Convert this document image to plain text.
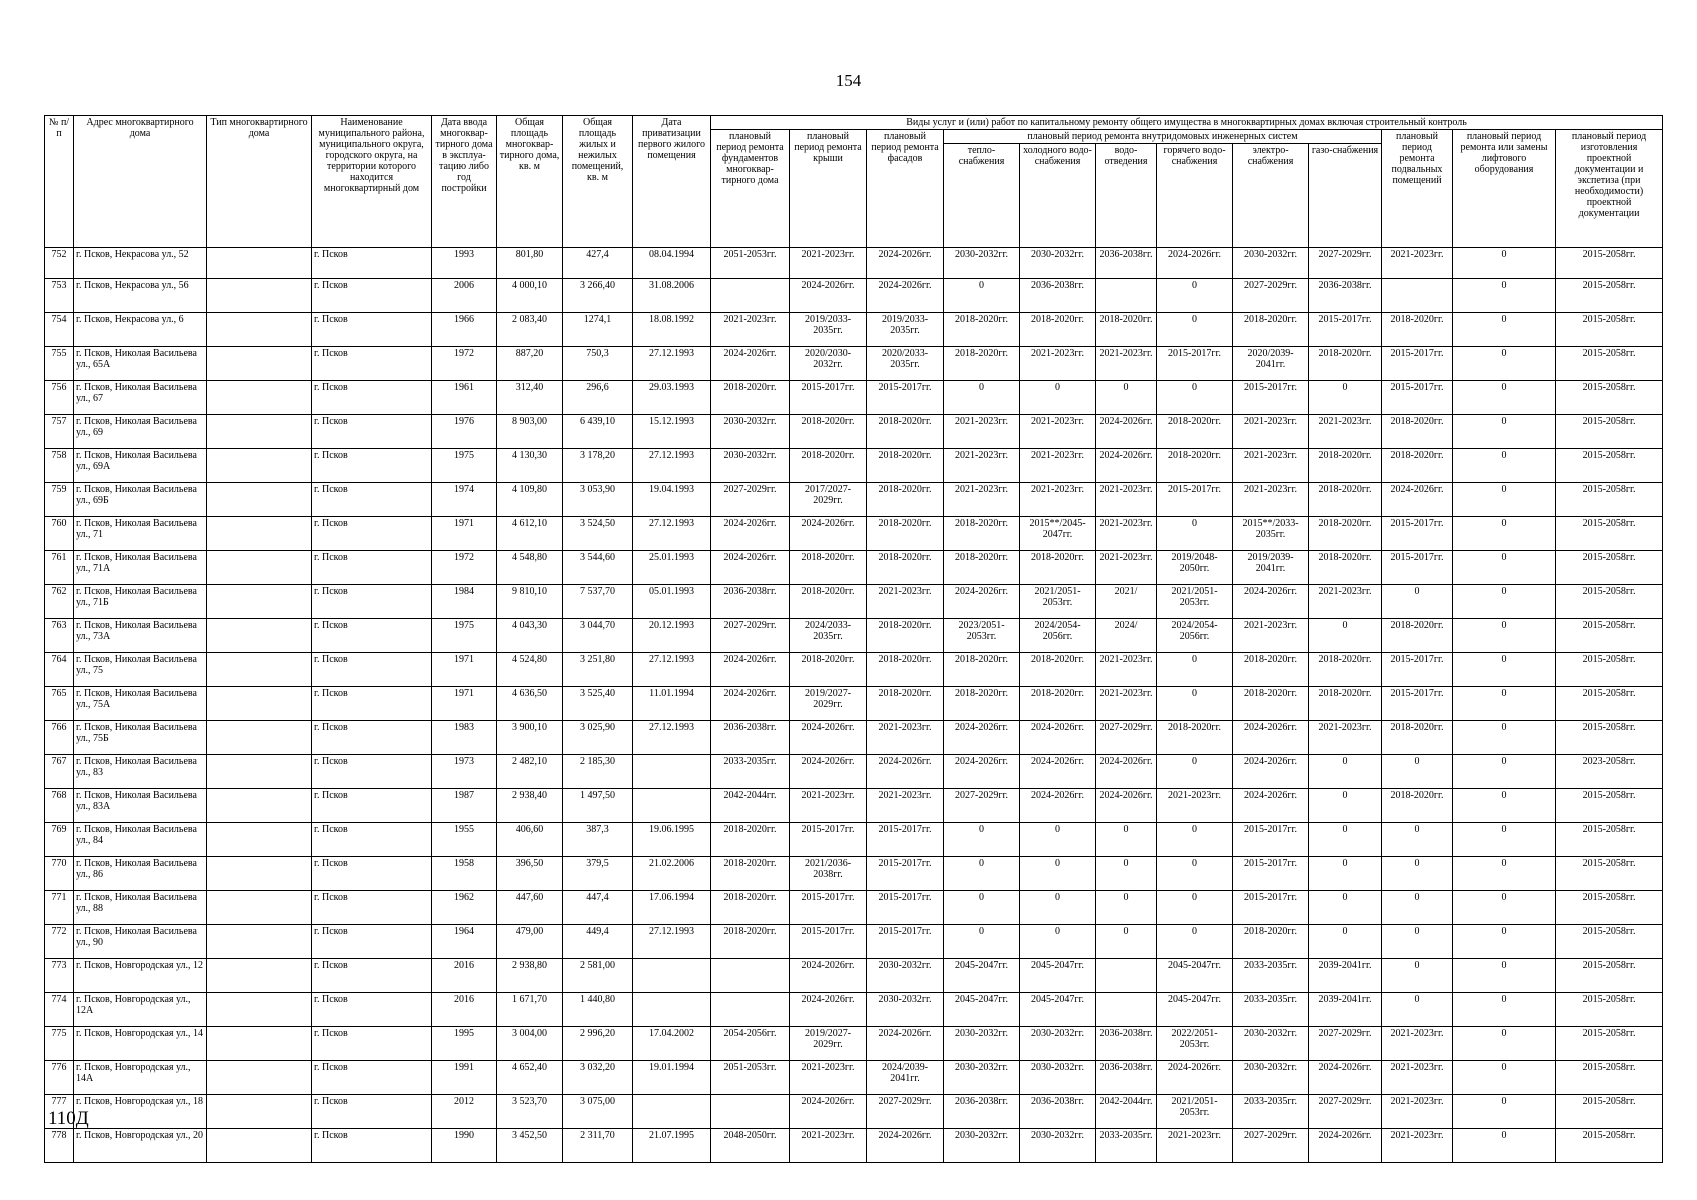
154
№ п/п	Адрес многоквартирного дома	Тип многоквартирного дома	Наименование муниципального района, муниципального округа, городского округа, на территории которого находится многоквартирный дом	Дата ввода многоквар-тирного дома в эксплуа-тацию либо год постройки	Общая площадь многоквар-тирного дома, кв. м	Общая площадь жилых и нежилых помещений, кв. м	Дата приватизации первого жилого помещения	Виды услуг и (или) работ по капитальному ремонту общего имущества в многоквартирных домах включая строительный контроль											
								плановый период ремонта фундаментов многоквар-тирного дома	плановый период ремонта крыши	плановый период ремонта фасадов	плановый период ремонта внутридомовых инженерных систем						плановый период ремонта подвальных помещений	плановый период ремонта или замены лифтового оборудования	плановый период изготовления проектной документации и экспетиза (при необходимости) проектной документации
											тепло-снабжения	холодного водо-снабжения	водо-отведения	горячего водо-снабжения	электро-снабжения	газо-снабжения			
752	г. Псков, Некрасова ул., 52		г. Псков	1993	801,80	427,4	08.04.1994	2051-2053гг.	2021-2023гг.	2024-2026гг.	2030-2032гг.	2030-2032гг.	2036-2038гг.	2024-2026гг.	2030-2032гг.	2027-2029гг.	2021-2023гг.	0	2015-2058гг.
753	г. Псков, Некрасова ул., 56		г. Псков	2006	4 000,10	3 266,40	31.08.2006		2024-2026гг.	2024-2026гг.	0	2036-2038гг.		0	2027-2029гг.	2036-2038гг.		0	2015-2058гг.
754	г. Псков, Некрасова ул., 6		г. Псков	1966	2 083,40	1274,1	18.08.1992	2021-2023гг.	2019/2033-2035гг.	2019/2033-2035гг.	2018-2020гг.	2018-2020гг.	2018-2020гг.	0	2018-2020гг.	2015-2017гг.	2018-2020гг.	0	2015-2058гг.
755	г. Псков, Николая Васильева ул., 65А		г. Псков	1972	887,20	750,3	27.12.1993	2024-2026гг.	2020/2030-2032гг.	2020/2033-2035гг.	2018-2020гг.	2021-2023гг.	2021-2023гг.	2015-2017гг.	2020/2039-2041гг.	2018-2020гг.	2015-2017гг.	0	2015-2058гг.
756	г. Псков, Николая Васильева ул., 67		г. Псков	1961	312,40	296,6	29.03.1993	2018-2020гг.	2015-2017гг.	2015-2017гг.	0	0	0	0	2015-2017гг.	0	2015-2017гг.	0	2015-2058гг.
757	г. Псков, Николая Васильева ул., 69		г. Псков	1976	8 903,00	6 439,10	15.12.1993	2030-2032гг.	2018-2020гг.	2018-2020гг.	2021-2023гг.	2021-2023гг.	2024-2026гг.	2018-2020гг.	2021-2023гг.	2021-2023гг.	2018-2020гг.	0	2015-2058гг.
758	г. Псков, Николая Васильева ул., 69А		г. Псков	1975	4 130,30	3 178,20	27.12.1993	2030-2032гг.	2018-2020гг.	2018-2020гг.	2021-2023гг.	2021-2023гг.	2024-2026гг.	2018-2020гг.	2021-2023гг.	2018-2020гг.	2018-2020гг.	0	2015-2058гг.
759	г. Псков, Николая Васильева ул., 69Б		г. Псков	1974	4 109,80	3 053,90	19.04.1993	2027-2029гг.	2017/2027-2029гг.	2018-2020гг.	2021-2023гг.	2021-2023гг.	2021-2023гг.	2015-2017гг.	2021-2023гг.	2018-2020гг.	2024-2026гг.	0	2015-2058гг.
760	г. Псков, Николая Васильева ул., 71		г. Псков	1971	4 612,10	3 524,50	27.12.1993	2024-2026гг.	2024-2026гг.	2018-2020гг.	2018-2020гг.	2015**/2045-2047гг.	2021-2023гг.	0	2015**/2033-2035гг.	2018-2020гг.	2015-2017гг.	0	2015-2058гг.
761	г. Псков, Николая Васильева ул., 71А		г. Псков	1972	4 548,80	3 544,60	25.01.1993	2024-2026гг.	2018-2020гг.	2018-2020гг.	2018-2020гг.	2018-2020гг.	2021-2023гг.	2019/2048-2050гг.	2019/2039-2041гг.	2018-2020гг.	2015-2017гг.	0	2015-2058гг.
762	г. Псков, Николая Васильева ул., 71Б		г. Псков	1984	9 810,10	7 537,70	05.01.1993	2036-2038гг.	2018-2020гг.	2021-2023гг.	2024-2026гг.	2021/2051-2053гг.	2021/	2021/2051-2053гг.	2024-2026гг.	2021-2023гг.	0	0	2015-2058гг.
763	г. Псков, Николая Васильева ул., 73А		г. Псков	1975	4 043,30	3 044,70	20.12.1993	2027-2029гг.	2024/2033-2035гг.	2018-2020гг.	2023/2051-2053гг.	2024/2054-2056гг.	2024/	2024/2054-2056гг.	2021-2023гг.	0	2018-2020гг.	0	2015-2058гг.
764	г. Псков, Николая Васильева ул., 75		г. Псков	1971	4 524,80	3 251,80	27.12.1993	2024-2026гг.	2018-2020гг.	2018-2020гг.	2018-2020гг.	2018-2020гг.	2021-2023гг.	0	2018-2020гг.	2018-2020гг.	2015-2017гг.	0	2015-2058гг.
765	г. Псков, Николая Васильева ул., 75А		г. Псков	1971	4 636,50	3 525,40	11.01.1994	2024-2026гг.	2019/2027-2029гг.	2018-2020гг.	2018-2020гг.	2018-2020гг.	2021-2023гг.	0	2018-2020гг.	2018-2020гг.	2015-2017гг.	0	2015-2058гг.
766	г. Псков, Николая Васильева ул., 75Б		г. Псков	1983	3 900,10	3 025,90	27.12.1993	2036-2038гг.	2024-2026гг.	2021-2023гг.	2024-2026гг.	2024-2026гг.	2027-2029гг.	2018-2020гг.	2024-2026гг.	2021-2023гг.	2018-2020гг.	0	2015-2058гг.
767	г. Псков, Николая Васильева ул., 83		г. Псков	1973	2 482,10	2 185,30		2033-2035гг.	2024-2026гг.	2024-2026гг.	2024-2026гг.	2024-2026гг.	2024-2026гг.	0	2024-2026гг.	0	0	0	2023-2058гг.
768	г. Псков, Николая Васильева ул., 83А		г. Псков	1987	2 938,40	1 497,50		2042-2044гг.	2021-2023гг.	2021-2023гг.	2027-2029гг.	2024-2026гг.	2024-2026гг.	2021-2023гг.	2024-2026гг.	0	2018-2020гг.	0	2015-2058гг.
769	г. Псков, Николая Васильева ул., 84		г. Псков	1955	406,60	387,3	19.06.1995	2018-2020гг.	2015-2017гг.	2015-2017гг.	0	0	0	0	2015-2017гг.	0	0	0	2015-2058гг.
770	г. Псков, Николая Васильева ул., 86		г. Псков	1958	396,50	379,5	21.02.2006	2018-2020гг.	2021/2036-2038гг.	2015-2017гг.	0	0	0	0	2015-2017гг.	0	0	0	2015-2058гг.
771	г. Псков, Николая Васильева ул., 88		г. Псков	1962	447,60	447,4	17.06.1994	2018-2020гг.	2015-2017гг.	2015-2017гг.	0	0	0	0	2015-2017гг.	0	0	0	2015-2058гг.
772	г. Псков, Николая Васильева ул., 90		г. Псков	1964	479,00	449,4	27.12.1993	2018-2020гг.	2015-2017гг.	2015-2017гг.	0	0	0	0	2018-2020гг.	0	0	0	2015-2058гг.
773	г. Псков, Новгородская ул., 12		г. Псков	2016	2 938,80	2 581,00			2024-2026гг.	2030-2032гг.	2045-2047гг.	2045-2047гг.		2045-2047гг.	2033-2035гг.	2039-2041гг.	0	0	2015-2058гг.
774	г. Псков, Новгородская ул., 12А		г. Псков	2016	1 671,70	1 440,80			2024-2026гг.	2030-2032гг.	2045-2047гг.	2045-2047гг.		2045-2047гг.	2033-2035гг.	2039-2041гг.	0	0	2015-2058гг.
775	г. Псков, Новгородская ул., 14		г. Псков	1995	3 004,00	2 996,20	17.04.2002	2054-2056гг.	2019/2027-2029гг.	2024-2026гг.	2030-2032гг.	2030-2032гг.	2036-2038гг.	2022/2051-2053гг.	2030-2032гг.	2027-2029гг.	2021-2023гг.	0	2015-2058гг.
776	г. Псков, Новгородская ул., 14А		г. Псков	1991	4 652,40	3 032,20	19.01.1994	2051-2053гг.	2021-2023гг.	2024/2039-2041гг.	2030-2032гг.	2030-2032гг.	2036-2038гг.	2024-2026гг.	2030-2032гг.	2024-2026гг.	2021-2023гг.	0	2015-2058гг.
777	г. Псков, Новгородская ул., 18		г. Псков	2012	3 523,70	3 075,00			2024-2026гг.	2027-2029гг.	2036-2038гг.	2036-2038гг.	2042-2044гг.	2021/2051-2053гг.	2033-2035гг.	2027-2029гг.	2021-2023гг.	0	2015-2058гг.
778	г. Псков, Новгородская ул., 20		г. Псков	1990	3 452,50	2 311,70	21.07.1995	2048-2050гг.	2021-2023гг.	2024-2026гг.	2030-2032гг.	2030-2032гг.	2033-2035гг.	2021-2023гг.	2027-2029гг.	2024-2026гг.	2021-2023гг.	0	2015-2058гг.
110Д
